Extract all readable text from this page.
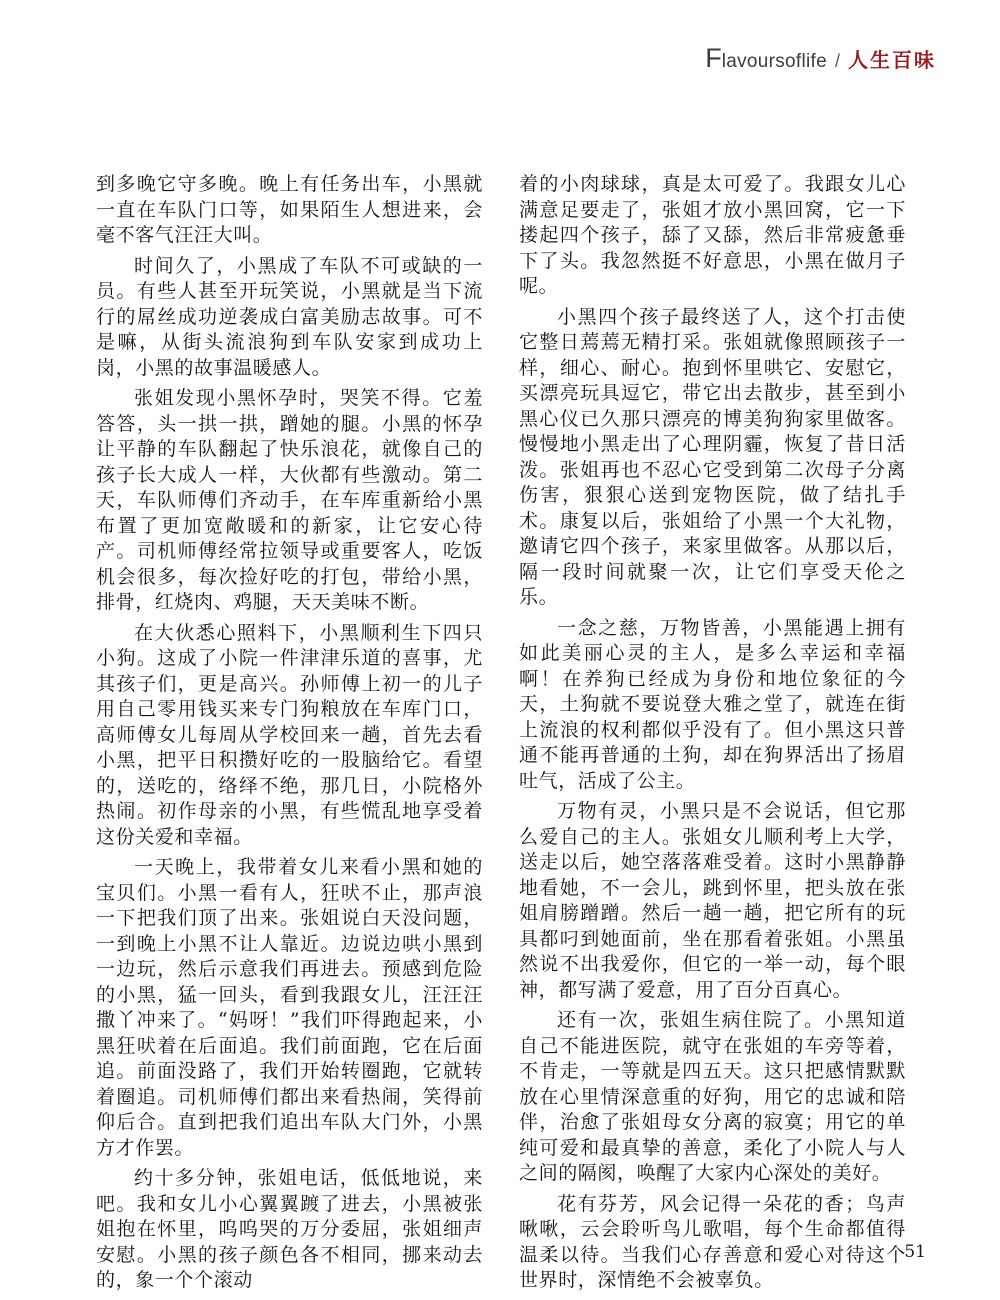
Flavoursoflife / 人生百味

到多晚它守多晚。晚上有任务出车，小黑就一直在车队门口等，如果陌生人想进来，会毫不客气汪汪大叫。

时间久了，小黑成了车队不可或缺的一员。有些人甚至开玩笑说，小黑就是当下流行的屌丝成功逆袭成白富美励志故事。可不是嘛，从街头流浪狗到车队安家到成功上岗，小黑的故事温暖感人。

张姐发现小黑怀孕时，哭笑不得。它羞答答，头一拱一拱，蹭她的腿。小黑的怀孕让平静的车队翻起了快乐浪花，就像自己的孩子长大成人一样，大伙都有些激动。第二天，车队师傅们齐动手，在车库重新给小黑布置了更加宽敞暖和的新家，让它安心待产。司机师傅经常拉领导或重要客人，吃饭机会很多，每次捡好吃的打包，带给小黑，排骨，红烧肉、鸡腿，天天美味不断。

在大伙悉心照料下，小黑顺利生下四只小狗。这成了小院一件津津乐道的喜事，尤其孩子们，更是高兴。孙师傅上初一的儿子用自己零用钱买来专门狗粮放在车库门口，高师傅女儿每周从学校回来一趟，首先去看小黑，把平日积攒好吃的一股脑给它。看望的，送吃的，络绎不绝，那几日，小院格外热闹。初作母亲的小黑，有些慌乱地享受着这份关爱和幸福。

一天晚上，我带着女儿来看小黑和她的宝贝们。小黑一看有人，狂吠不止，那声浪一下把我们顶了出来。张姐说白天没问题，一到晚上小黑不让人靠近。边说边哄小黑到一边玩，然后示意我们再进去。预感到危险的小黑，猛一回头，看到我跟女儿，汪汪汪撒丫冲来了。“妈呀！”我们吓得跑起来，小黑狂吠着在后面追。我们前面跑，它在后面追。前面没路了，我们开始转圈跑，它就转着圈追。司机师傅们都出来看热闹，笑得前仰后合。直到把我们追出车队大门外，小黑方才作罢。

约十多分钟，张姐电话，低低地说，来吧。我和女儿小心翼翼踱了进去，小黑被张姐抱在怀里，呜呜哭的万分委屈，张姐细声安慰。小黑的孩子颜色各不相同，挪来动去的，象一个个滚动

着的小肉球球，真是太可爱了。我跟女儿心满意足要走了，张姐才放小黑回窝，它一下搂起四个孩子，舔了又舔，然后非常疲惫垂下了头。我忽然挺不好意思，小黑在做月子呢。

小黑四个孩子最终送了人，这个打击使它整日蔫蔫无精打采。张姐就像照顾孩子一样，细心、耐心。抱到怀里哄它、安慰它，买漂亮玩具逗它，带它出去散步，甚至到小黑心仪已久那只漂亮的博美狗狗家里做客。慢慢地小黑走出了心理阴霾，恢复了昔日活泼。张姐再也不忍心它受到第二次母子分离伤害，狠狠心送到宠物医院，做了结扎手术。康复以后，张姐给了小黑一个大礼物，邀请它四个孩子，来家里做客。从那以后，隔一段时间就聚一次，让它们享受天伦之乐。

一念之慈，万物皆善，小黑能遇上拥有如此美丽心灵的主人，是多么幸运和幸福啊！在养狗已经成为身份和地位象征的今天，土狗就不要说登大雅之堂了，就连在街上流浪的权利都似乎没有了。但小黑这只普通不能再普通的土狗，却在狗界活出了扬眉吐气，活成了公主。

万物有灵，小黑只是不会说话，但它那么爱自己的主人。张姐女儿顺利考上大学，送走以后，她空落落难受着。这时小黑静静地看她，不一会儿，跳到怀里，把头放在张姐肩膀蹭蹭。然后一趟一趟，把它所有的玩具都叼到她面前，坐在那看着张姐。小黑虽然说不出我爱你，但它的一举一动，每个眼神，都写满了爱意，用了百分百真心。

还有一次，张姐生病住院了。小黑知道自己不能进医院，就守在张姐的车旁等着，不肯走，一等就是四五天。这只把感情默默放在心里情深意重的好狗，用它的忠诚和陪伴，治愈了张姐母女分离的寂寞；用它的单纯可爱和最真挚的善意，柔化了小院人与人之间的隔阂，唤醒了大家内心深处的美好。

花有芬芳，风会记得一朵花的香；鸟声啾啾，云会聆听鸟儿歌唱，每个生命都值得温柔以待。当我们心存善意和爱心对待这个世界时，深情绝不会被辜负。

51
